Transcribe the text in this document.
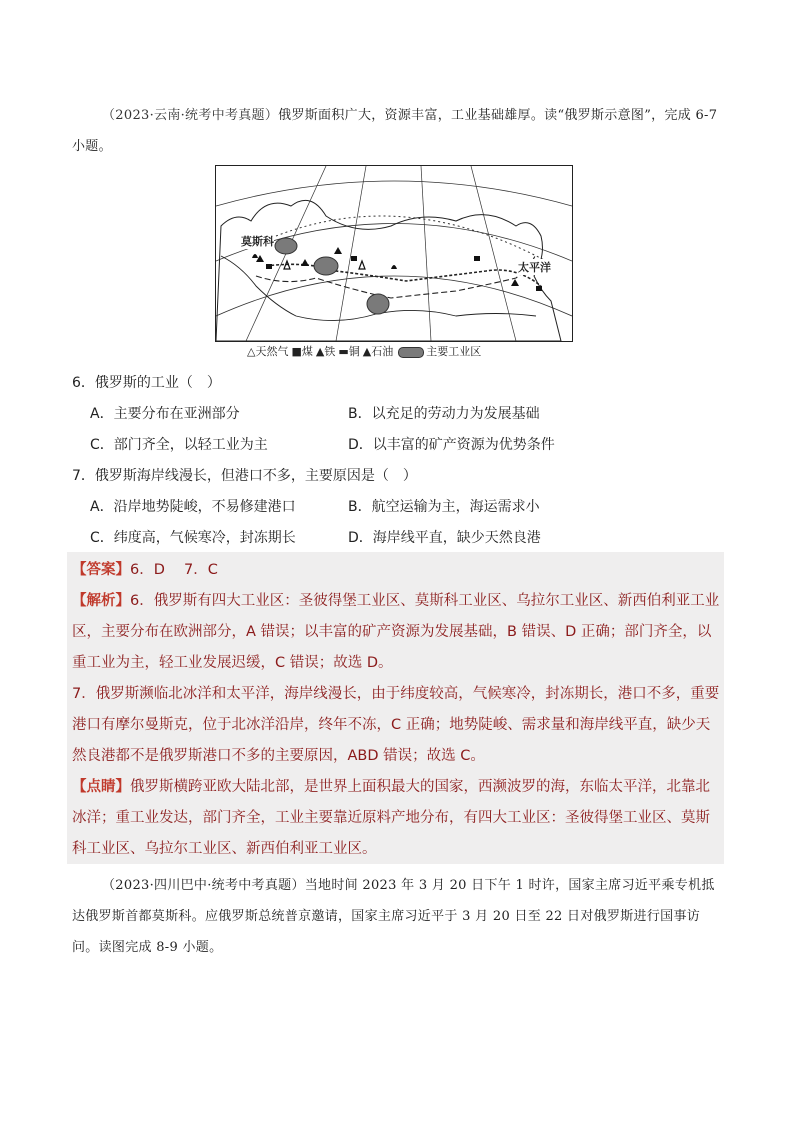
（2023·云南·统考中考真题）俄罗斯面积广大，资源丰富，工业基础雄厚。读“俄罗斯示意图”，完成 6-7 小题。
莫斯科
太平洋
△天然气 ■煤 ▲铁 ▬铜 ▲石油	主要工业区
6．俄罗斯的工业（　）
A．主要分布在亚洲部分	B．以充足的劳动力为发展基础
C．部门齐全，以轻工业为主	D．以丰富的矿产资源为优势条件
7．俄罗斯海岸线漫长，但港口不多，主要原因是（　）
A．沿岸地势陡峻，不易修建港口	B．航空运输为主，海运需求小
C．纬度高，气候寒冷，封冻期长	D．海岸线平直，缺少天然良港

【答案】6．D　 7．C

【解析】6．俄罗斯有四大工业区：圣彼得堡工业区、莫斯科工业区、乌拉尔工业区、新西伯利亚工业区，主要分布在欧洲部分，A 错误；以丰富的矿产资源为发展基础，B 错误、D 正确；部门齐全，以重工业为主，轻工业发展迟缓，C 错误；故选 D。

7．俄罗斯濒临北冰洋和太平洋，海岸线漫长，由于纬度较高，气候寒冷，封冻期长，港口不多，重要港口有摩尔曼斯克，位于北冰洋沿岸，终年不冻，C 正确；地势陡峻、需求量和海岸线平直，缺少天然良港都不是俄罗斯港口不多的主要原因，ABD 错误；故选 C。

【点睛】俄罗斯横跨亚欧大陆北部，是世界上面积最大的国家，西濒波罗的海，东临太平洋，北靠北冰洋；重工业发达，部门齐全，工业主要靠近原料产地分布，有四大工业区：圣彼得堡工业区、莫斯科工业区、乌拉尔工业区、新西伯利亚工业区。

（2023·四川巴中·统考中考真题）当地时间 2023 年 3 月 20 日下午 1 时许，国家主席习近平乘专机抵达俄罗斯首都莫斯科。应俄罗斯总统普京邀请，国家主席习近平于 3 月 20 日至 22 日对俄罗斯进行国事访问。读图完成 8-9 小题。
